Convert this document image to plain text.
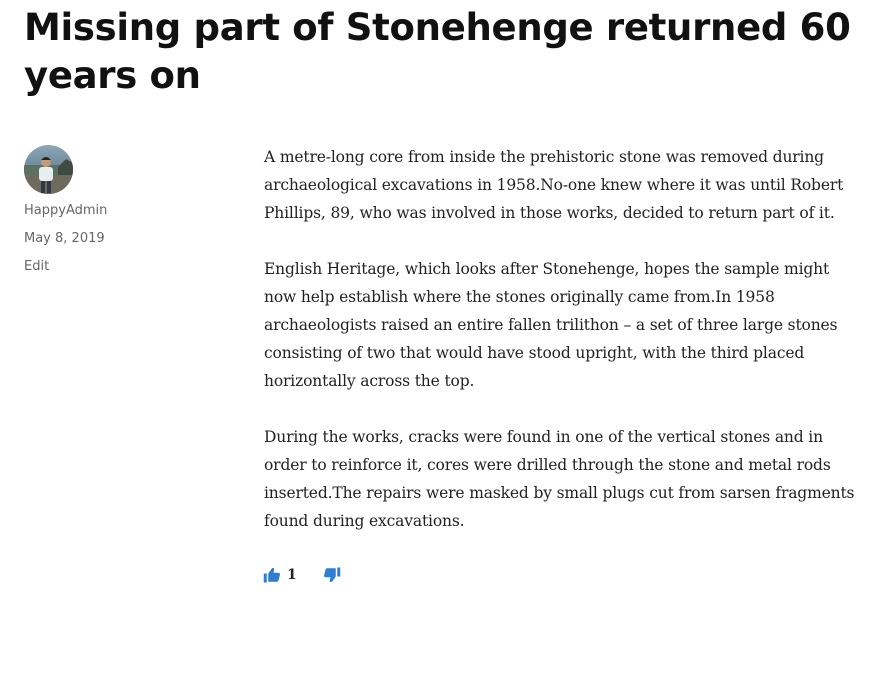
Missing part of Stonehenge returned 60 years on
HappyAdmin
May 8, 2019
Edit

A metre-long core from inside the prehistoric stone was removed during archaeological excavations in 1958.No-one knew where it was until Robert Phillips, 89, who was involved in those works, decided to return part of it.

English Heritage, which looks after Stonehenge, hopes the sample might now help establish where the stones originally came from.In 1958 archaeologists raised an entire fallen trilithon – a set of three large stones consisting of two that would have stood upright, with the third placed horizontally across the top.

During the works, cracks were found in one of the vertical stones and in order to reinforce it, cores were drilled through the stone and metal rods inserted.The repairs were masked by small plugs cut from sarsen fragments found during excavations.

1
